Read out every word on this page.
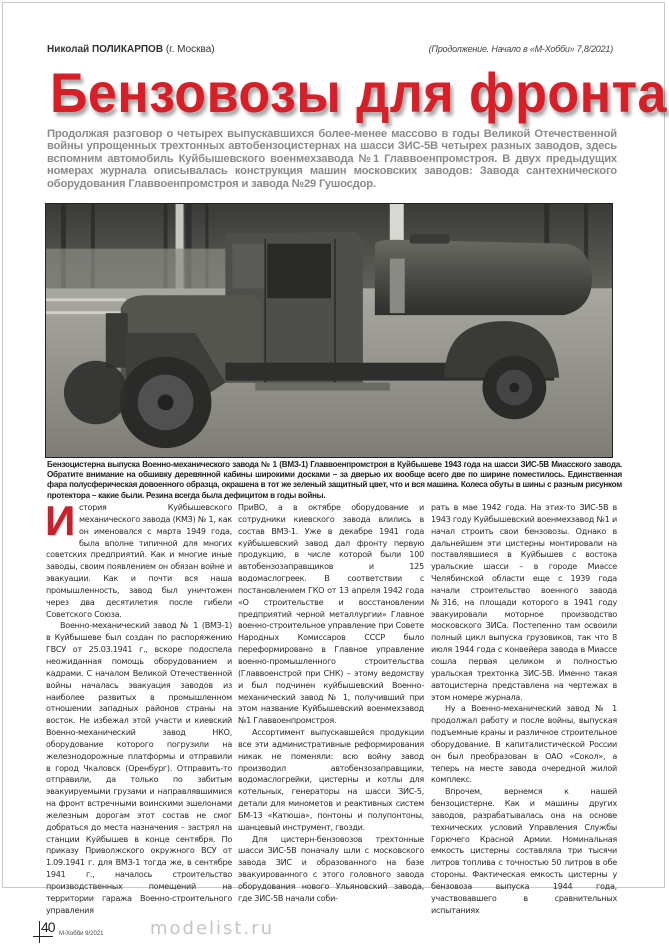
Николай ПОЛИКАРПОВ (г. Москва)	(Продолжение. Начало в «М-Хобби» 7,8/2021)
Бензовозы для фронта
Продолжая разговор о четырех выпускавшихся более-менее массово в годы Великой Отечественной войны упрощенных трехтонных автобензоцистернах на шасси ЗИС-5В четырех разных заводов, здесь вспомним автомобиль Куйбышевского военмехзавода №1 Главвоенпромстроя. В двух предыдущих номерах журнала описывалась конструкция машин московских заводов: Завода сантехнического оборудования Главвоенпромстроя и завода №29 Гушосдор.
Бензоцистерна выпуска Военно-механического завода № 1 (ВМЗ-1) Главвоенпромстроя в Куйбышеве 1943 года на шасси ЗИС-5В Миасского завода. Обратите внимание на обшивку деревянной кабины широкими досками – за дверью их вообще всего две по ширине поместилось. Единственная фара полусферическая довоенного образца, окрашена в тот же зеленый защитный цвет, что и вся машина. Колеса обуты в шины с разным рисунком протектора – какие были. Резина всегда была дефицитом в годы войны.
И стория Куйбышевского механического завода (КМЗ) № 1, как он именовался с марта 1949 года, была вполне типичной для многих советских предприятий. Как и многие иные заводы, своим появлением он обязан войне и эвакуации. Как и почти вся наша промышленность, завод был уничтожен через два десятилетия после гибели Советского Союза.

Военно-механический завод № 1 (ВМЗ-1) в Куйбышеве был создан по распоряжению ГВСУ от 25.03.1941 г., вскоре подоспела неожиданная помощь оборудованием и кадрами. С началом Великой Отечественной войны началась эвакуация заводов из наиболее развитых в промышленном отношении западных районов страны на восток. Не избежал этой участи и киевский Военно-механический завод НКО, оборудование которого погрузили на железнодорожные платформы и отправили в город Чкаловск (Оренбург). Отправить-то отправили, да только по забитым эвакуируемыми грузами и направлявшимися на фронт встречными воинскими эшелонами железным дорогам этот состав не смог добраться до места назначения – застрял на станции Куйбышев в конце сентября. По приказу Приволжского окружного ВСУ от 1.09.1941 г. для ВМЗ-1 тогда же, в сентябре 1941 г., началось строительство производственных помещений на территории гаража Военно-строительного управления

ПриВО, а в октябре оборудование и сотрудники киевского завода влились в состав ВМЗ-1. Уже в декабре 1941 года куйбышевский завод дал фронту первую продукцию, в числе которой были 100 автобензозаправщиков и 125 водомаслогреек. В соответствии с постановлением ГКО от 13 апреля 1942 года «О строительстве и восстановлении предприятий черной металлургии» Главное военно-строительное управление при Совете Народных Комиссаров СССР было переформировано в Главное управление военно-промышленного строительства (Главвоенстрой при СНК) – этому ведомству и был подчинен куйбышевский Военно-механический завод № 1, получивший при этом название Куйбышевский военмехзавод №1 Главвоенпромстроя.

Ассортимент выпускавшейся продукции все эти административные реформирования никак не поменяли: всю войну завод производил автобензозаправщики, водомаслогрейки, цистерны и котлы для котельных, генераторы на шасси ЗИС-5, детали для минометов и реактивных систем БМ-13 «Катюша», понтоны и полупонтоны, шанцевый инструмент, гвозди.

Для цистерн-бензовозов трехтонные шасси ЗИС-5В поначалу шли с московского завода ЗИС и образованного на базе эвакуированного с этого головного завода оборудования нового Ульяновский завода, где ЗИС-5В начали соби-

рать в мае 1942 года. На этих-то ЗИС-5В в 1943 году Куйбышевский военмехзавод №1 и начал строить свои бензовозы. Однако в дальнейшем эти цистерны монтировали на поставлявшиеся в Куйбышев с востока уральские шасси – в городе Миассе Челябинской области еще с 1939 года начали строительство военного завода №316, на площади которого в 1941 году эвакуировали моторное производство московского ЗИСа. Постепенно там освоили полный цикл выпуска грузовиков, так что 8 июля 1944 года с конвейера завода в Миассе сошла первая целиком и полностью уральская трехтонка ЗИС-5В. Именно такая автоцистерна представлена на чертежах в этом номере журнала.

Ну а Военно-механический завод № 1 продолжал работу и после войны, выпуская подъемные краны и различное строительное оборудование. В капиталистической России он был преобразован в ОАО «Сокол», а теперь на месте завода очередной жилой комплекс.

Впрочем, вернемся к нашей бензоцистерне. Как и машины других заводов, разрабатывалась она на основе технических условий Управления Службы Горючего Красной Армии. Номинальная емкость цистерны составляла три тысячи литров топлива с точностью 50 литров в обе стороны. Фактическая емкость цистерны у бензовоза выпуска 1944 года, участвовавшего в сравнительных испытаниях

modelist.ru
40 М-Хобби 9/2021
